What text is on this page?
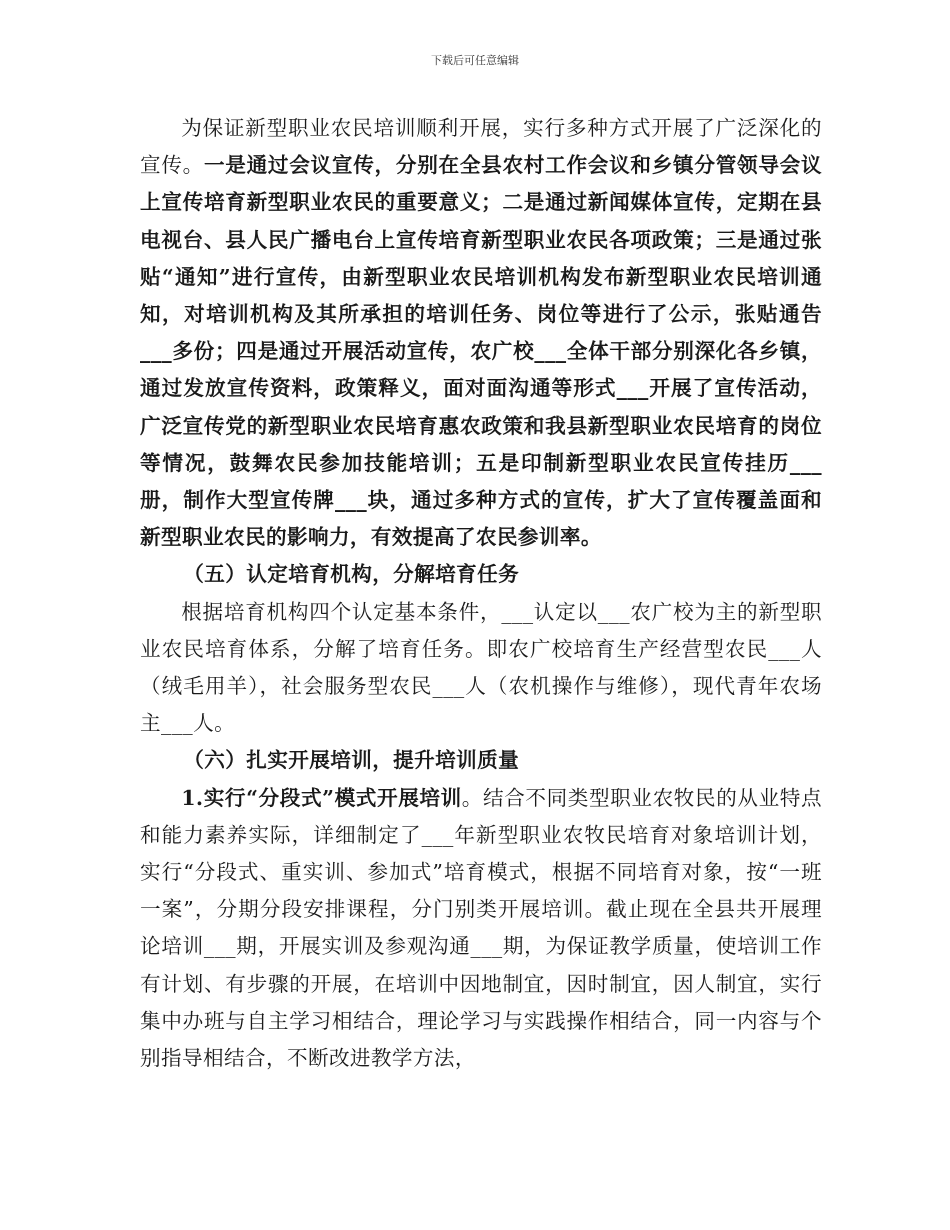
下载后可任意编辑

为保证新型职业农民培训顺利开展，实行多种方式开展了广泛深化的宣传。一是通过会议宣传，分别在全县农村工作会议和乡镇分管领导会议上宣传培育新型职业农民的重要意义；二是通过新闻媒体宣传，定期在县电视台、县人民广播电台上宣传培育新型职业农民各项政策；三是通过张贴“通知”进行宣传，由新型职业农民培训机构发布新型职业农民培训通知，对培训机构及其所承担的培训任务、岗位等进行了公示，张贴通告___多份；四是通过开展活动宣传，农广校___全体干部分别深化各乡镇，通过发放宣传资料，政策释义，面对面沟通等形式___开展了宣传活动，广泛宣传党的新型职业农民培育惠农政策和我县新型职业农民培育的岗位等情况，鼓舞农民参加技能培训；五是印制新型职业农民宣传挂历___册，制作大型宣传牌___块，通过多种方式的宣传，扩大了宣传覆盖面和新型职业农民的影响力，有效提高了农民参训率。

（五）认定培育机构，分解培育任务

根据培育机构四个认定基本条件，___认定以___农广校为主的新型职业农民培育体系，分解了培育任务。即农广校培育生产经营型农民___人（绒毛用羊），社会服务型农民___人（农机操作与维修），现代青年农场主___人。

（六）扎实开展培训，提升培训质量

1.实行“分段式”模式开展培训。结合不同类型职业农牧民的从业特点和能力素养实际，详细制定了___年新型职业农牧民培育对象培训计划，实行“分段式、重实训、参加式”培育模式，根据不同培育对象，按“一班一案”，分期分段安排课程，分门别类开展培训。截止现在全县共开展理论培训___期，开展实训及参观沟通___期，为保证教学质量，使培训工作有计划、有步骤的开展，在培训中因地制宜，因时制宜，因人制宜，实行集中办班与自主学习相结合，理论学习与实践操作相结合，同一内容与个别指导相结合，不断改进教学方法，
